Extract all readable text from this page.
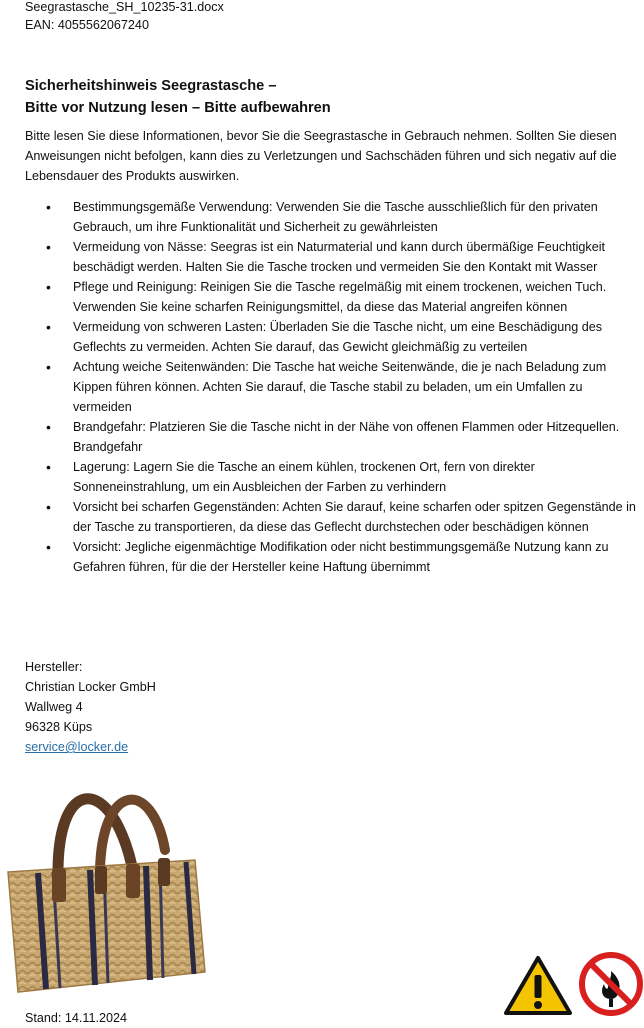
Seegrastasche_SH_10235-31.docx
EAN: 4055562067240
Sicherheitshinweis Seegrastasche –
Bitte vor Nutzung lesen – Bitte aufbewahren
Bitte lesen Sie diese Informationen, bevor Sie die Seegrastasche in Gebrauch nehmen. Sollten Sie diesen Anweisungen nicht befolgen, kann dies zu Verletzungen und Sachschäden führen und sich negativ auf die Lebensdauer des Produkts auswirken.
• Bestimmungsgemäße Verwendung: Verwenden Sie die Tasche ausschließlich für den privaten Gebrauch, um ihre Funktionalität und Sicherheit zu gewährleisten
• Vermeidung von Nässe: Seegras ist ein Naturmaterial und kann durch übermäßige Feuchtigkeit beschädigt werden. Halten Sie die Tasche trocken und vermeiden Sie den Kontakt mit Wasser
• Pflege und Reinigung: Reinigen Sie die Tasche regelmäßig mit einem trockenen, weichen Tuch. Verwenden Sie keine scharfen Reinigungsmittel, da diese das Material angreifen können
• Vermeidung von schweren Lasten: Überladen Sie die Tasche nicht, um eine Beschädigung des Geflechts zu vermeiden. Achten Sie darauf, das Gewicht gleichmäßig zu verteilen
• Achtung weiche Seitenwänden: Die Tasche hat weiche Seitenwände, die je nach Beladung zum Kippen führen können. Achten Sie darauf, die Tasche stabil zu beladen, um ein Umfallen zu vermeiden
• Brandgefahr: Platzieren Sie die Tasche nicht in der Nähe von offenen Flammen oder Hitzequellen. Brandgefahr
• Lagerung: Lagern Sie die Tasche an einem kühlen, trockenen Ort, fern von direkter Sonneneinstrahlung, um ein Ausbleichen der Farben zu verhindern
• Vorsicht bei scharfen Gegenständen: Achten Sie darauf, keine scharfen oder spitzen Gegenstände in der Tasche zu transportieren, da diese das Geflecht durchstechen oder beschädigen können
• Vorsicht: Jegliche eigenmächtige Modifikation oder nicht bestimmungsgemäße Nutzung kann zu Gefahren führen, für die der Hersteller keine Haftung übernimmt
Hersteller:
Christian Locker GmbH
Wallweg 4
96328 Küps
service@locker.de
Stand: 14.11.2024
